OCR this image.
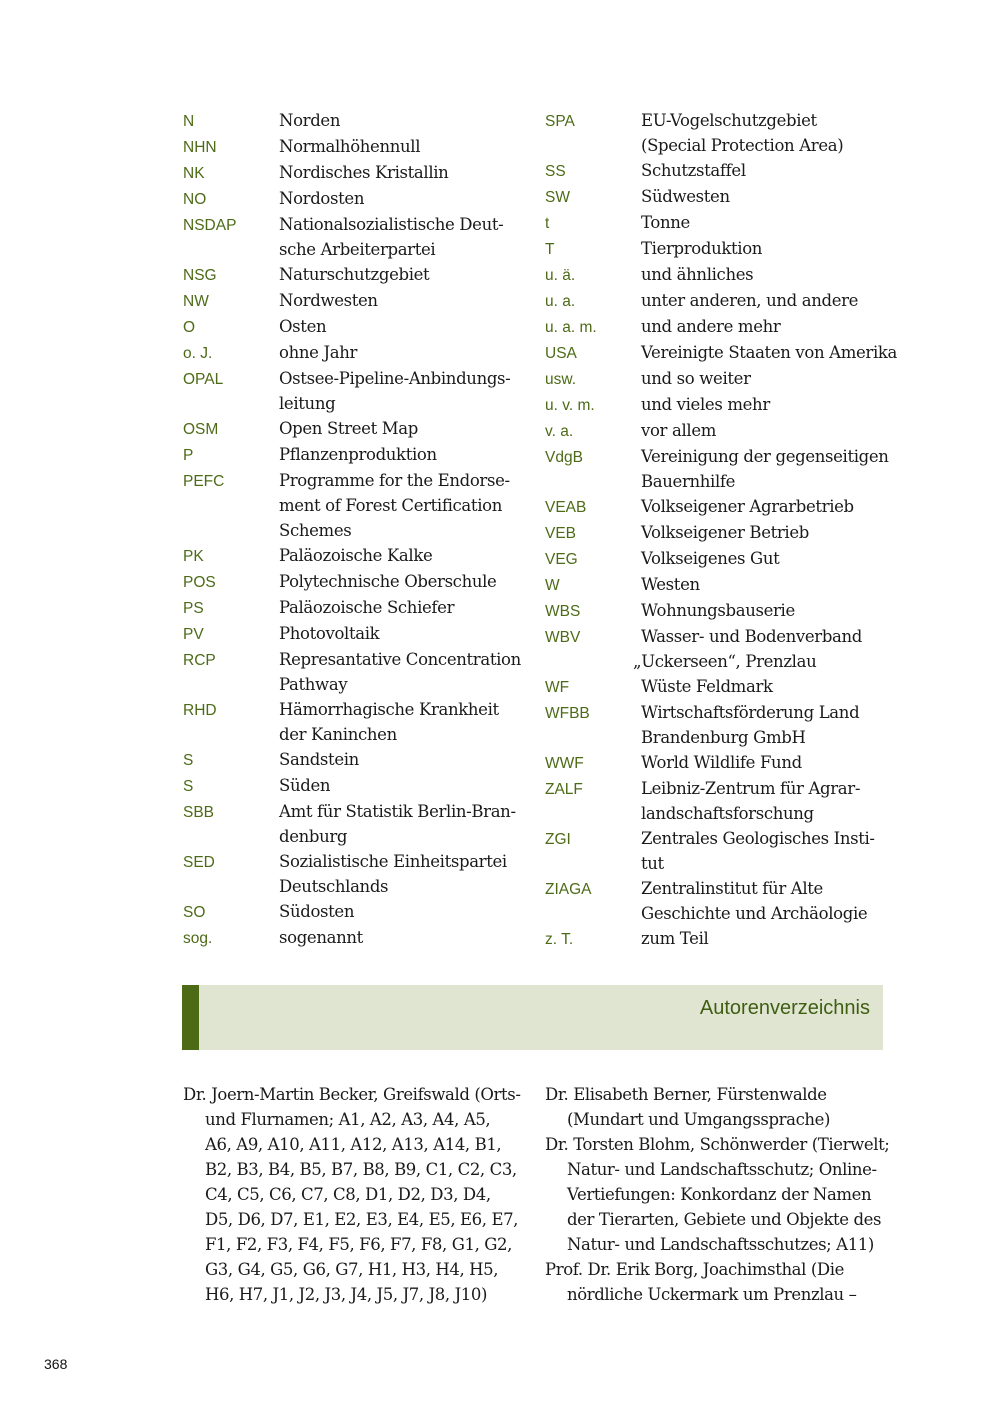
N	Norden
NHN	Normalhöhennull
NK	Nordisches Kristallin
NO	Nordosten
NSDAP	Nationalsozialistische Deut-
sche Arbeiterpartei
NSG	Naturschutzgebiet
NW	Nordwesten
O	Osten
o. J.	ohne Jahr
OPAL	Ostsee-Pipeline-Anbindungs-
leitung
OSM	Open Street Map
P	Pflanzenproduktion
PEFC	Programme for the Endorse-
ment of Forest Certification
Schemes
PK	Paläozoische Kalke
POS	Polytechnische Oberschule
PS	Paläozoische Schiefer
PV	Photovoltaik
RCP	Represantative Concentration
Pathway
RHD	Hämorrhagische Krankheit
der Kaninchen
S	Sandstein
S	Süden
SBB	Amt für Statistik Berlin-Bran-
denburg
SED	Sozialistische Einheitspartei
Deutschlands
SO	Südosten
sog.	sogenannt
SPA	EU-Vogelschutzgebiet
(Special Protection Area)
SS	Schutzstaffel
SW	Südwesten
t	Tonne
T	Tierproduktion
u. ä.	und ähnliches
u. a.	unter anderen, und andere
u. a. m.	und andere mehr
USA	Vereinigte Staaten von Amerika
usw.	und so weiter
u. v. m.	und vieles mehr
v. a.	vor allem
VdgB	Vereinigung der gegenseitigen
Bauernhilfe
VEAB	Volkseigener Agrarbetrieb
VEB	Volkseigener Betrieb
VEG	Volkseigenes Gut
W	Westen
WBS	Wohnungsbauserie
WBV	Wasser- und Bodenverband
„Uckerseen“, Prenzlau
WF	Wüste Feldmark
WFBB	Wirtschaftsförderung Land
Brandenburg GmbH
WWF	World Wildlife Fund
ZALF	Leibniz-Zentrum für Agrar-
landschaftsforschung
ZGI	Zentrales Geologisches Insti-
tut
ZIAGA	Zentralinstitut für Alte
Geschichte und Archäologie
z. T.	zum Teil
Autorenverzeichnis
Dr. Joern-Martin Becker, Greifswald (Orts-
und Flurnamen; A1, A2, A3, A4, A5,
A6, A9, A10, A11, A12, A13, A14, B1,
B2, B3, B4, B5, B7, B8, B9, C1, C2, C3,
C4, C5, C6, C7, C8, D1, D2, D3, D4,
D5, D6, D7, E1, E2, E3, E4, E5, E6, E7,
F1, F2, F3, F4, F5, F6, F7, F8, G1, G2,
G3, G4, G5, G6, G7, H1, H3, H4, H5,
H6, H7, J1, J2, J3, J4, J5, J7, J8, J10)
Dr. Elisabeth Berner, Fürstenwalde
(Mundart und Umgangssprache)
Dr. Torsten Blohm, Schönwerder (Tierwelt;
Natur- und Landschaftsschutz; Online-
Vertiefungen: Konkordanz der Namen
der Tierarten, Gebiete und Objekte des
Natur- und Landschaftsschutzes; A11)
Prof. Dr. Erik Borg, Joachimsthal (Die
nördliche Uckermark um Prenzlau –
368
